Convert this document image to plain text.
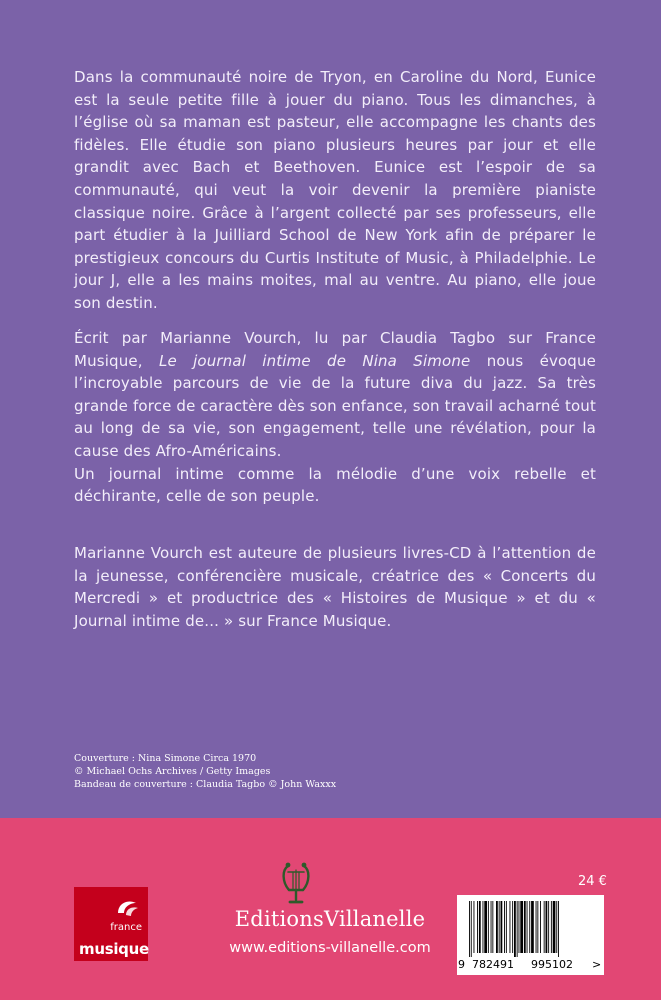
Dans la communauté noire de Tryon, en Caroline du Nord, Eunice est la seule petite fille à jouer du piano. Tous les dimanches, à l’église où sa maman est pasteur, elle accompagne les chants des fidèles. Elle étudie son piano plusieurs heures par jour et elle grandit avec Bach et Beethoven. Eunice est l’espoir de sa communauté, qui veut la voir devenir la première pianiste classique noire. Grâce à l’argent collecté par ses professeurs, elle part étudier à la Juilliard School de New York afin de préparer le prestigieux concours du Curtis Institute of Music, à Philadelphie. Le jour J, elle a les mains moites, mal au ventre. Au piano, elle joue son destin.

Écrit par Marianne Vourch, lu par Claudia Tagbo sur France Musique, Le journal intime de Nina Simone nous évoque l’incroyable parcours de vie de la future diva du jazz. Sa très grande force de caractère dès son enfance, son travail acharné tout au long de sa vie, son engagement, telle une révélation, pour la cause des Afro-Américains.

Un journal intime comme la mélodie d’une voix rebelle et déchirante, celle de son peuple.

Marianne Vourch est auteure de plusieurs livres-CD à l’attention de la jeunesse, conférencière musicale, créatrice des « Concerts du Mercredi » et productrice des « Histoires de Musique » et du « Journal intime de... » sur France Musique.

Couverture : Nina Simone Circa 1970
© Michael Ochs Archives / Getty Images
Bandeau de couverture : Claudia Tagbo © John Waxxx
france
musique
EditionsVillanelle
www.editions-villanelle.com
24 €
9 782491 995102 >
